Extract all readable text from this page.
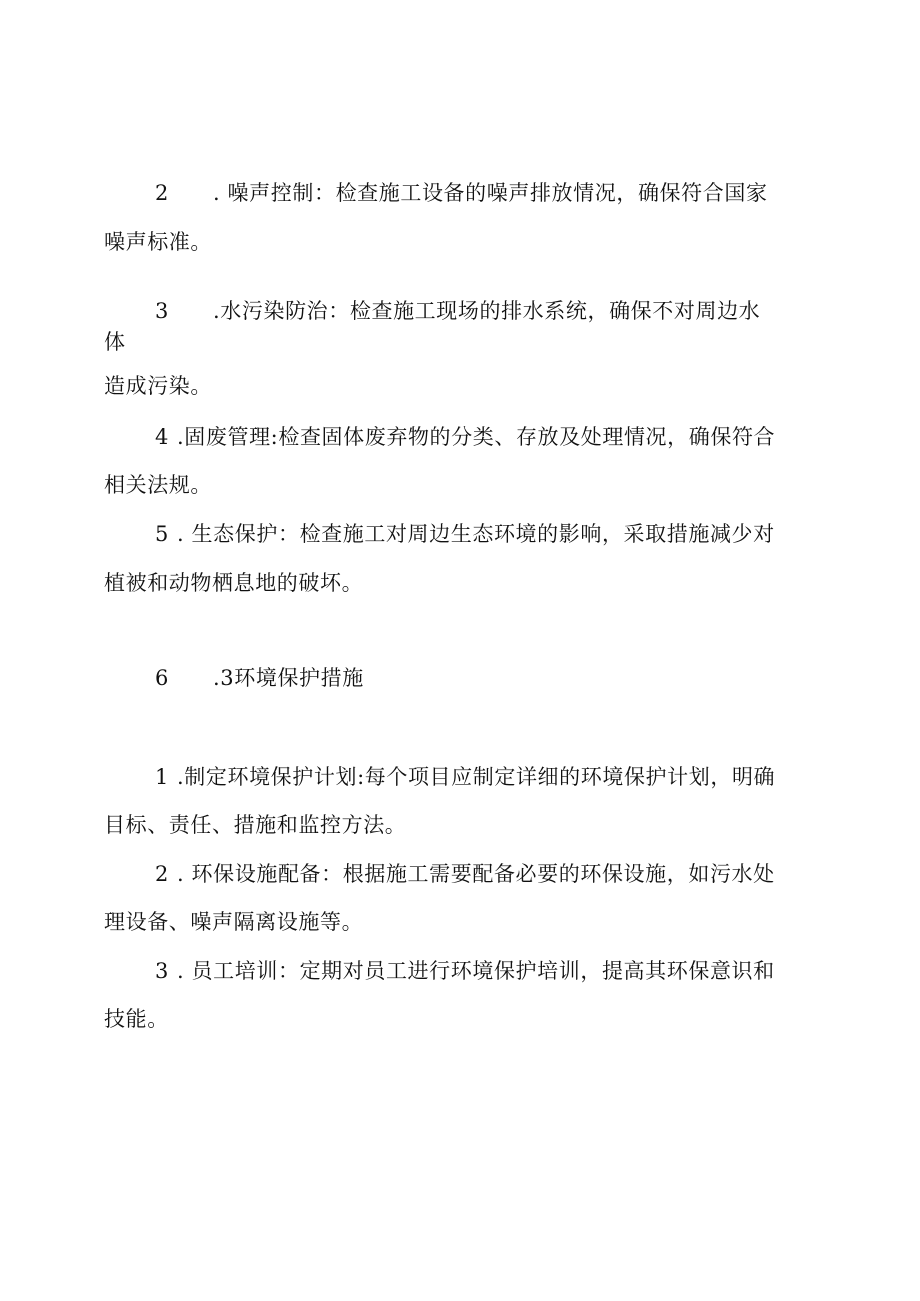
2 . 噪声控制：检查施工设备的噪声排放情况，确保符合国家
噪声标准。
3 .水污染防治：检查施工现场的排水系统，确保不对周边水
体
造成污染。
4 .固废管理:检查固体废弃物的分类、存放及处理情况，确保符合
相关法规。
5 . 生态保护：检查施工对周边生态环境的影响，采取措施减少对
植被和动物栖息地的破坏。
6 .3环境保护措施
1 .制定环境保护计划:每个项目应制定详细的环境保护计划，明确
目标、责任、措施和监控方法。
2 . 环保设施配备：根据施工需要配备必要的环保设施，如污水处
理设备、噪声隔离设施等。
3 . 员工培训：定期对员工进行环境保护培训，提高其环保意识和
技能。
